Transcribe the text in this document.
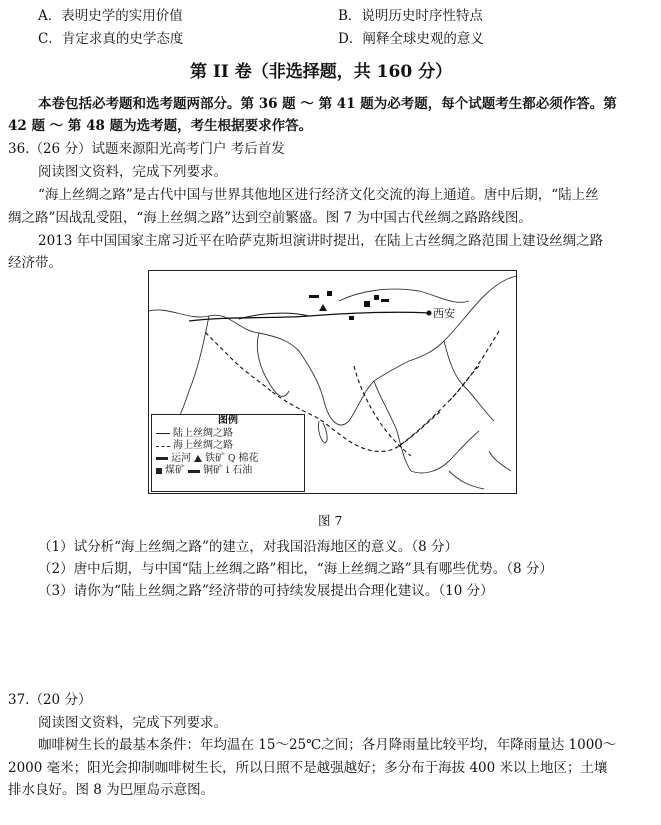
A．表明史学的实用价值	B．说明历史时序性特点
C．肯定求真的史学态度	D．阐释全球史观的意义
第 II 卷（非选择题，共 160 分）
本卷包括必考题和选考题两部分。第 36 题 ～ 第 41 题为必考题，每个试题考生都必须作答。第
42 题 ～ 第 48 题为选考题，考生根据要求作答。
36.（26 分）试题来源阳光高考门户 考后首发
阅读图文资料，完成下列要求。
“海上丝绸之路”是古代中国与世界其他地区进行经济文化交流的海上通道。唐中后期，“陆上丝
绸之路”因战乱受阻，“海上丝绸之路”达到空前繁盛。图 7 为中国古代丝绸之路路线图。
2013 年中国国家主席习近平在哈萨克斯坦演讲时提出，在陆上古丝绸之路范围上建设丝绸之路
经济带。
西安
图例
陆上丝绸之路
海上丝绸之路
运河 铁矿 Q 棉花
煤矿 铜矿 ⅰ 石油
图 7
（1）试分析“海上丝绸之路”的建立，对我国沿海地区的意义。（8 分）
（2）唐中后期，与中国“陆上丝绸之路”相比，“海上丝绸之路”具有哪些优势。（8 分）
（3）请你为“陆上丝绸之路”经济带的可持续发展提出合理化建议。（10 分）
37.（20 分）
阅读图文资料，完成下列要求。
咖啡树生长的最基本条件：年均温在 15～25℃之间；各月降雨量比较平均，年降雨量达 1000～
2000 毫米；阳光会抑制咖啡树生长，所以日照不是越强越好；多分布于海拔 400 米以上地区；土壤
排水良好。图 8 为巴厘岛示意图。
